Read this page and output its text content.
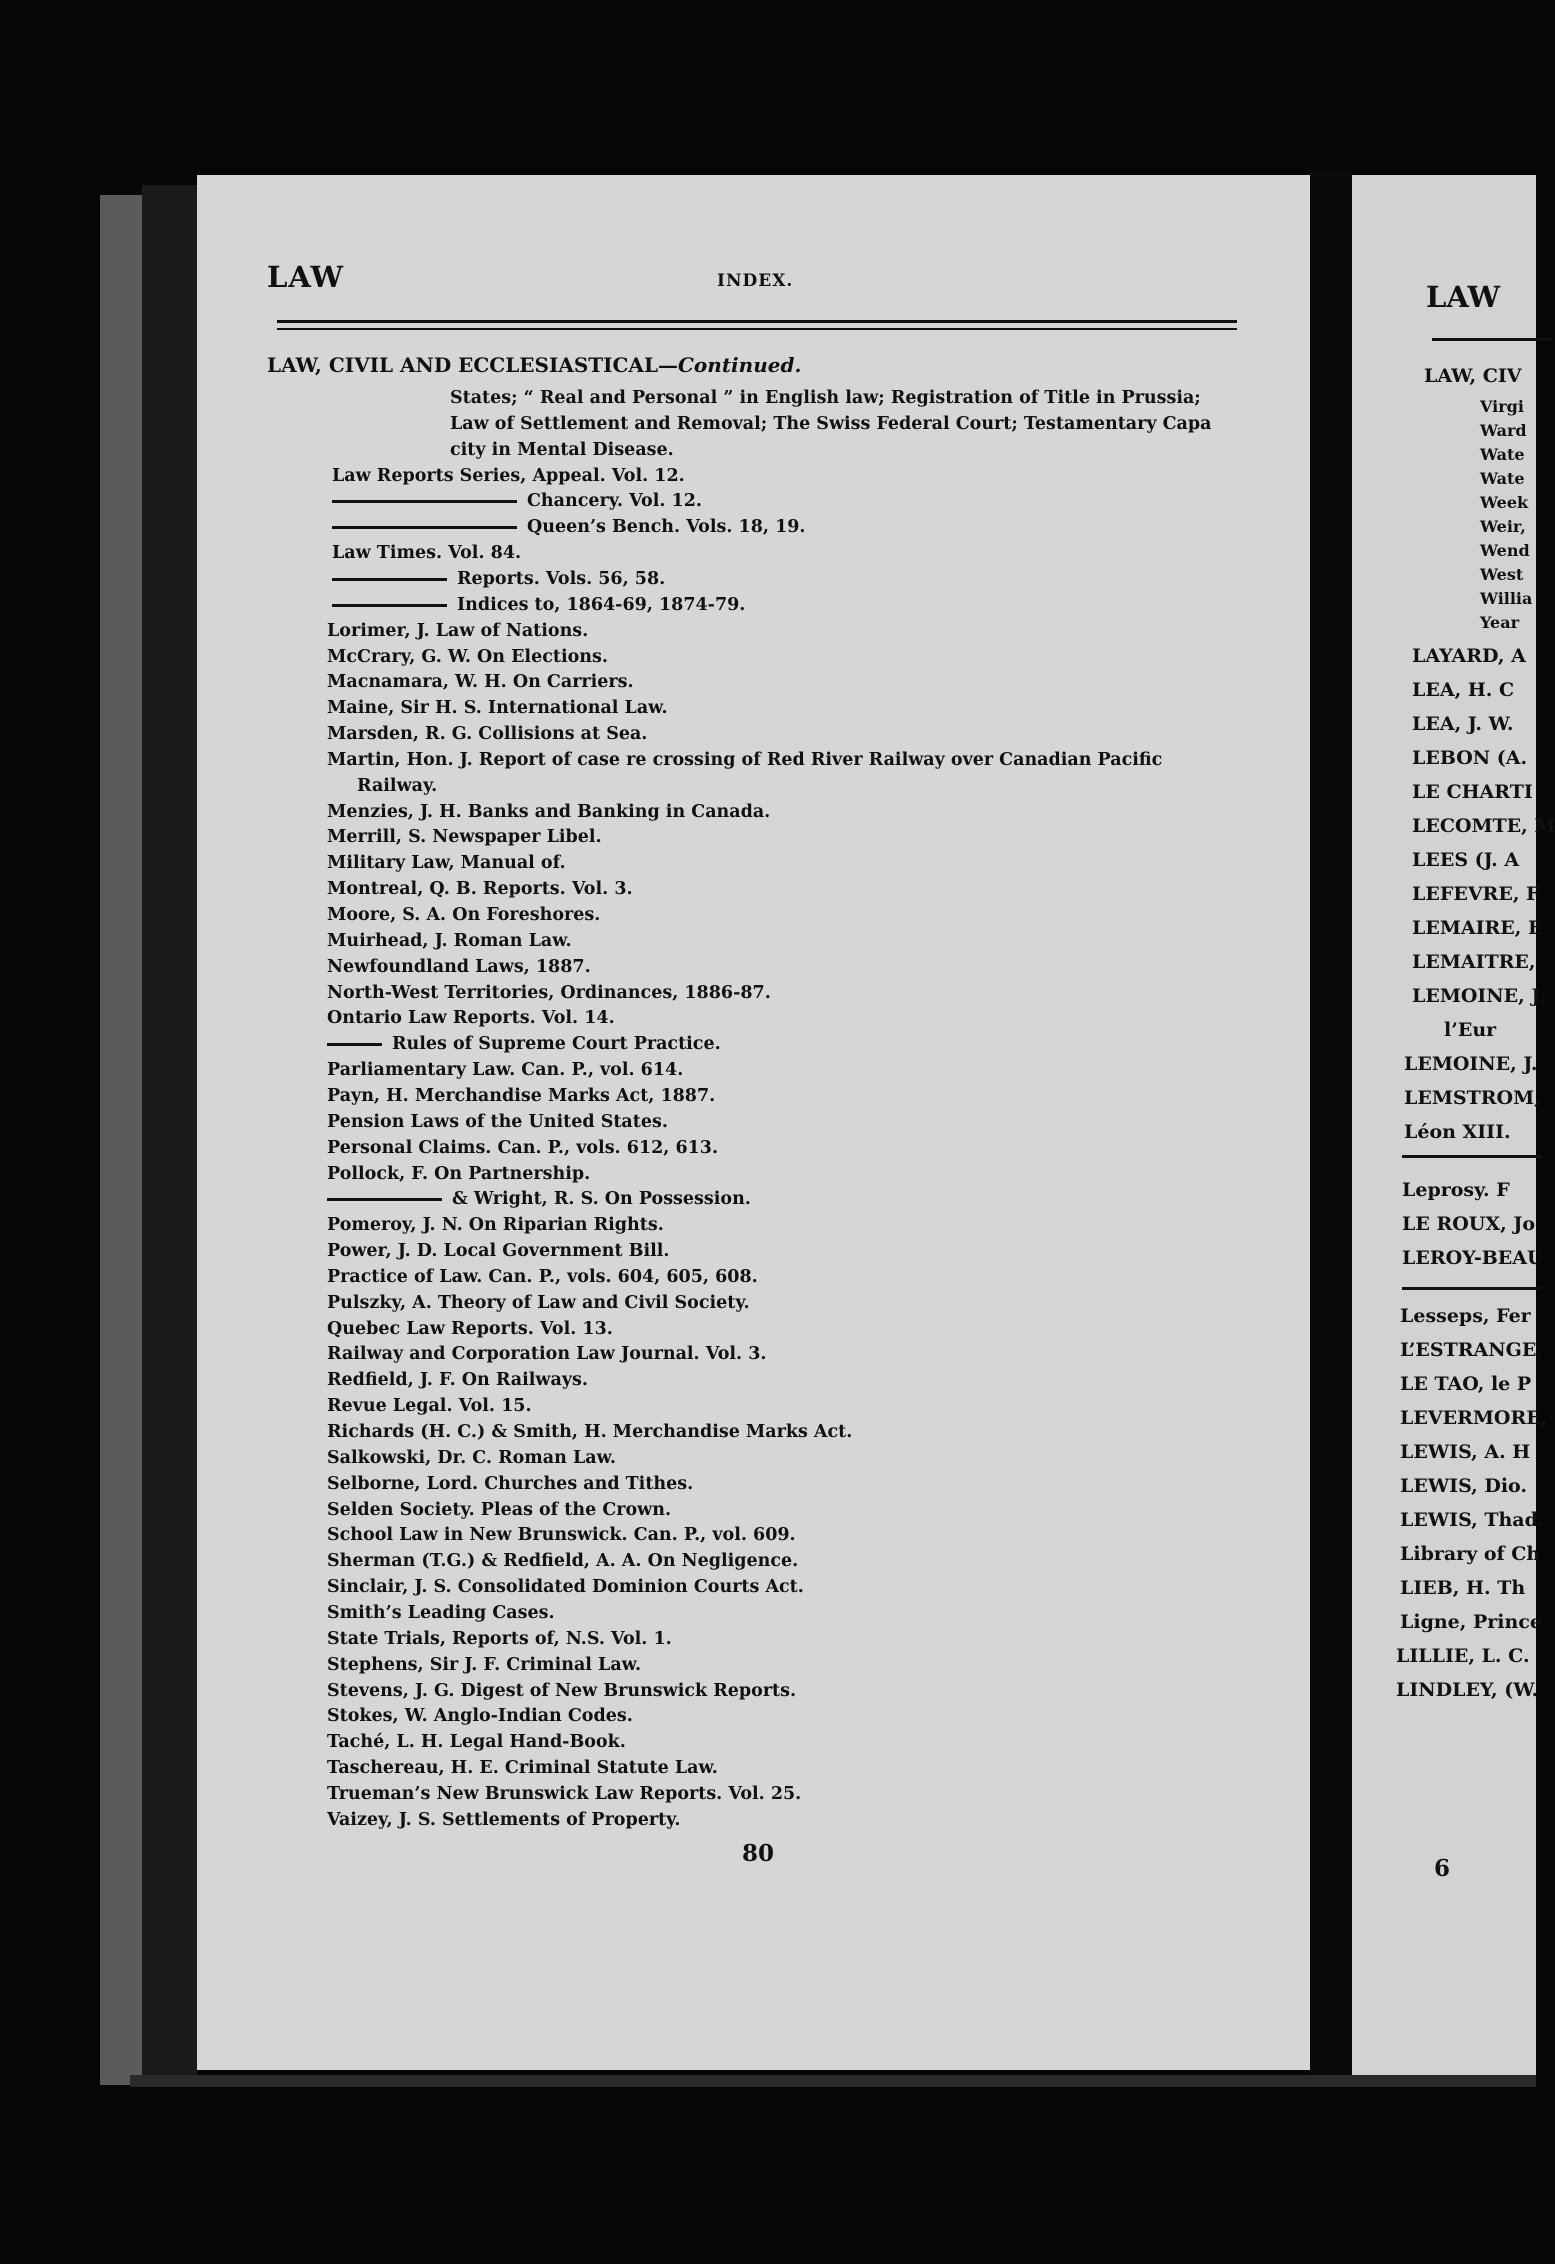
LAW	INDEX.
LAW, CIVIL AND ECCLESIASTICAL—Continued.
States; “ Real and Personal ” in English law; Registration of Title in Prussia;
Law of Settlement and Removal; The Swiss Federal Court; Testamentary Capa
city in Mental Disease.
Law Reports Series, Appeal. Vol. 12.
Chancery. Vol. 12.
Queen’s Bench. Vols. 18, 19.
Law Times. Vol. 84.
Reports. Vols. 56, 58.
Indices to, 1864-69, 1874-79.
Lorimer, J. Law of Nations.
McCrary, G. W. On Elections.
Macnamara, W. H. On Carriers.
Maine, Sir H. S. International Law.
Marsden, R. G. Collisions at Sea.
Martin, Hon. J. Report of case re crossing of Red River Railway over Canadian Pacific
Railway.
Menzies, J. H. Banks and Banking in Canada.
Merrill, S. Newspaper Libel.
Military Law, Manual of.
Montreal, Q. B. Reports. Vol. 3.
Moore, S. A. On Foreshores.
Muirhead, J. Roman Law.
Newfoundland Laws, 1887.
North-West Territories, Ordinances, 1886-87.
Ontario Law Reports. Vol. 14.
Rules of Supreme Court Practice.
Parliamentary Law. Can. P., vol. 614.
Payn, H. Merchandise Marks Act, 1887.
Pension Laws of the United States.
Personal Claims. Can. P., vols. 612, 613.
Pollock, F. On Partnership.
& Wright, R. S. On Possession.
Pomeroy, J. N. On Riparian Rights.
Power, J. D. Local Government Bill.
Practice of Law. Can. P., vols. 604, 605, 608.
Pulszky, A. Theory of Law and Civil Society.
Quebec Law Reports. Vol. 13.
Railway and Corporation Law Journal. Vol. 3.
Redfield, J. F. On Railways.
Revue Legal. Vol. 15.
Richards (H. C.) & Smith, H. Merchandise Marks Act.
Salkowski, Dr. C. Roman Law.
Selborne, Lord. Churches and Tithes.
Selden Society. Pleas of the Crown.
School Law in New Brunswick. Can. P., vol. 609.
Sherman (T.G.) & Redfield, A. A. On Negligence.
Sinclair, J. S. Consolidated Dominion Courts Act.
Smith’s Leading Cases.
State Trials, Reports of, N.S. Vol. 1.
Stephens, Sir J. F. Criminal Law.
Stevens, J. G. Digest of New Brunswick Reports.
Stokes, W. Anglo-Indian Codes.
Taché, L. H. Legal Hand-Book.
Taschereau, H. E. Criminal Statute Law.
Trueman’s New Brunswick Law Reports. Vol. 25.
Vaizey, J. S. Settlements of Property.
80
LAW
LAW, CIV
Virgi
Ward
Wate
Wate
Week
Weir,
Wend
West
Willia
Year
LAYARD, A
LEA, H. C
LEA, J. W.
LEBON (A.
LE CHARTI
LECOMTE, M
LEES (J. A
LEFEVRE, F
LEMAIRE, E
LEMAITRE,
LEMOINE, J.
l’Eur
LEMOINE, J.
LEMSTROM,
Léon XIII.
Leprosy. F
LE ROUX, Jo
LEROY-BEAU
Lesseps, Fer
L’ESTRANGE,
LE TAO, le P
LEVERMORE,
LEWIS, A. H
LEWIS, Dio.
LEWIS, Thad.
Library of Ch
LIEB, H. Th
Ligne, Prince
LILLIE, L. C.
LINDLEY, (W.
6
